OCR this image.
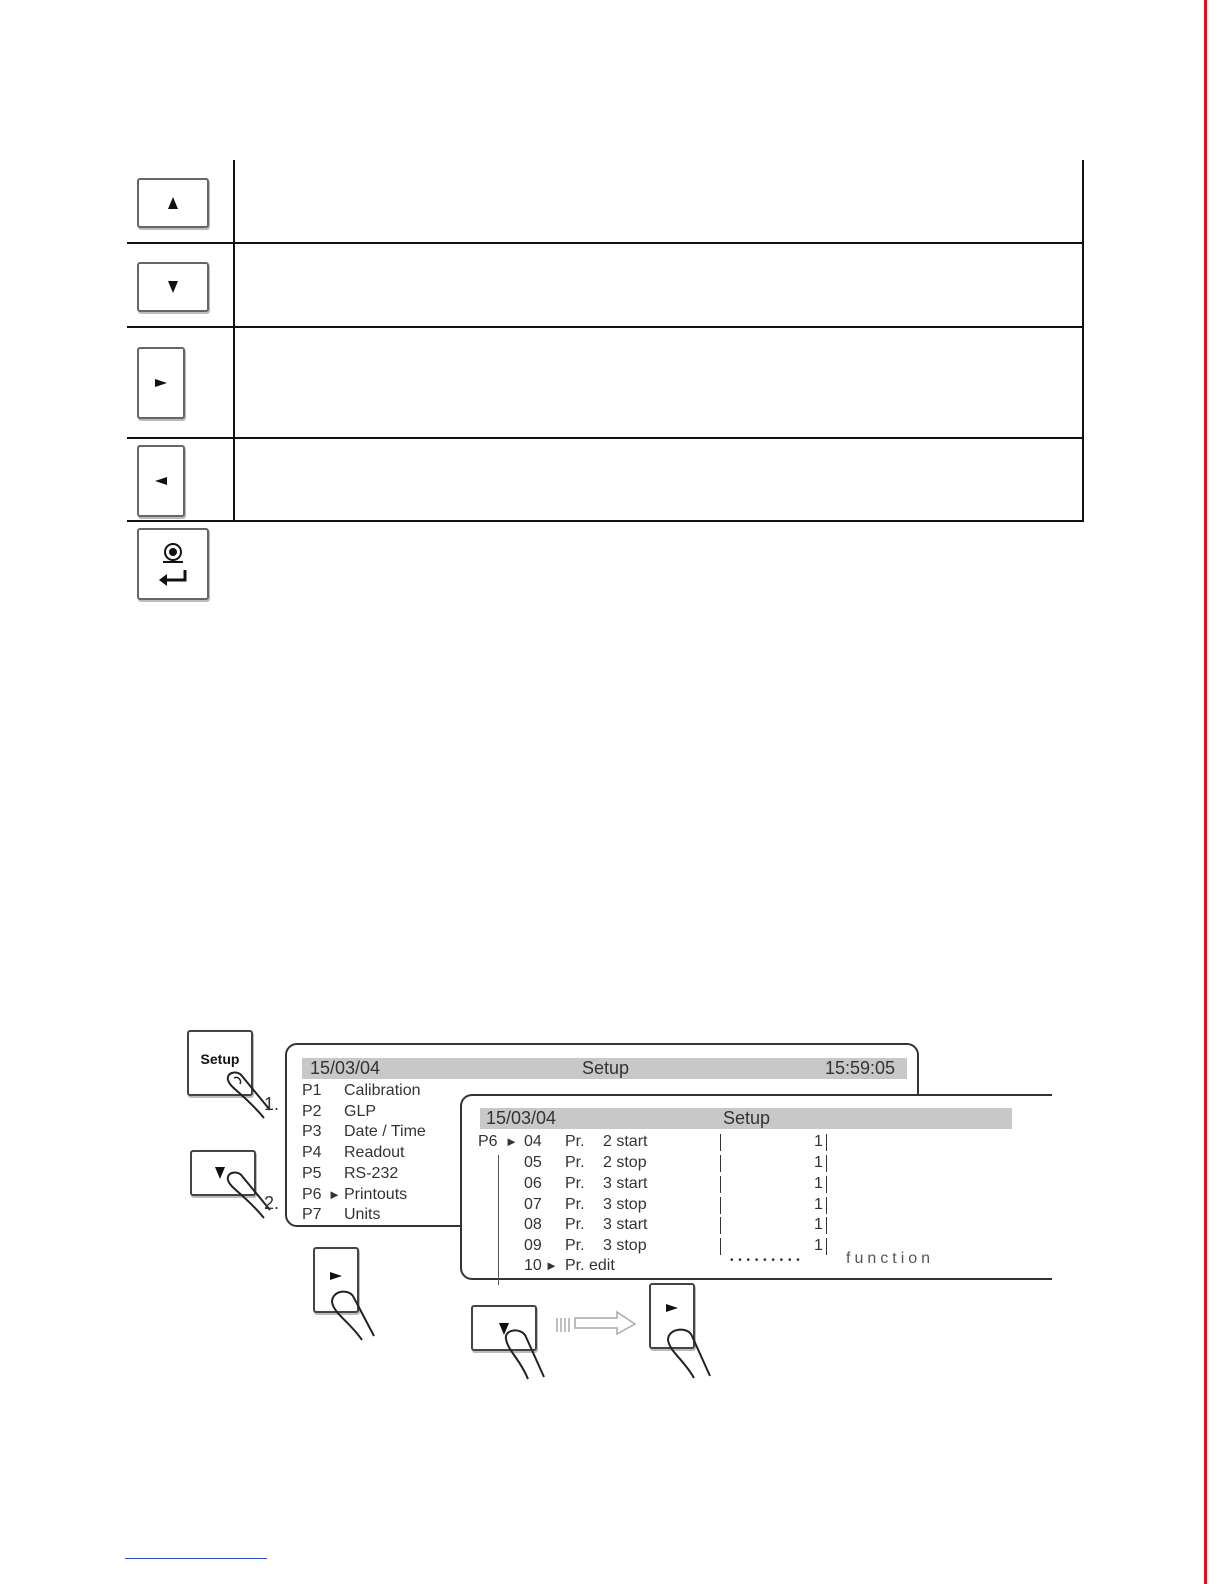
Setup
1.
2.
15/03/04	Setup	15:59:05
P1 Calibration
P2 GLP
P3 Date / Time
P4 Readout
P5 RS-232
P6 ► Printouts
P7 Units
15/03/04	Setup
P6 ► 04 Pr. 2 start	1
05 Pr. 2 stop	1
06 Pr. 3 start	1
07 Pr. 3 stop	1
08 Pr. 3 start	1
09 Pr. 3 stop	1
10 ► Pr. edit	• • • • • • • • •	function
